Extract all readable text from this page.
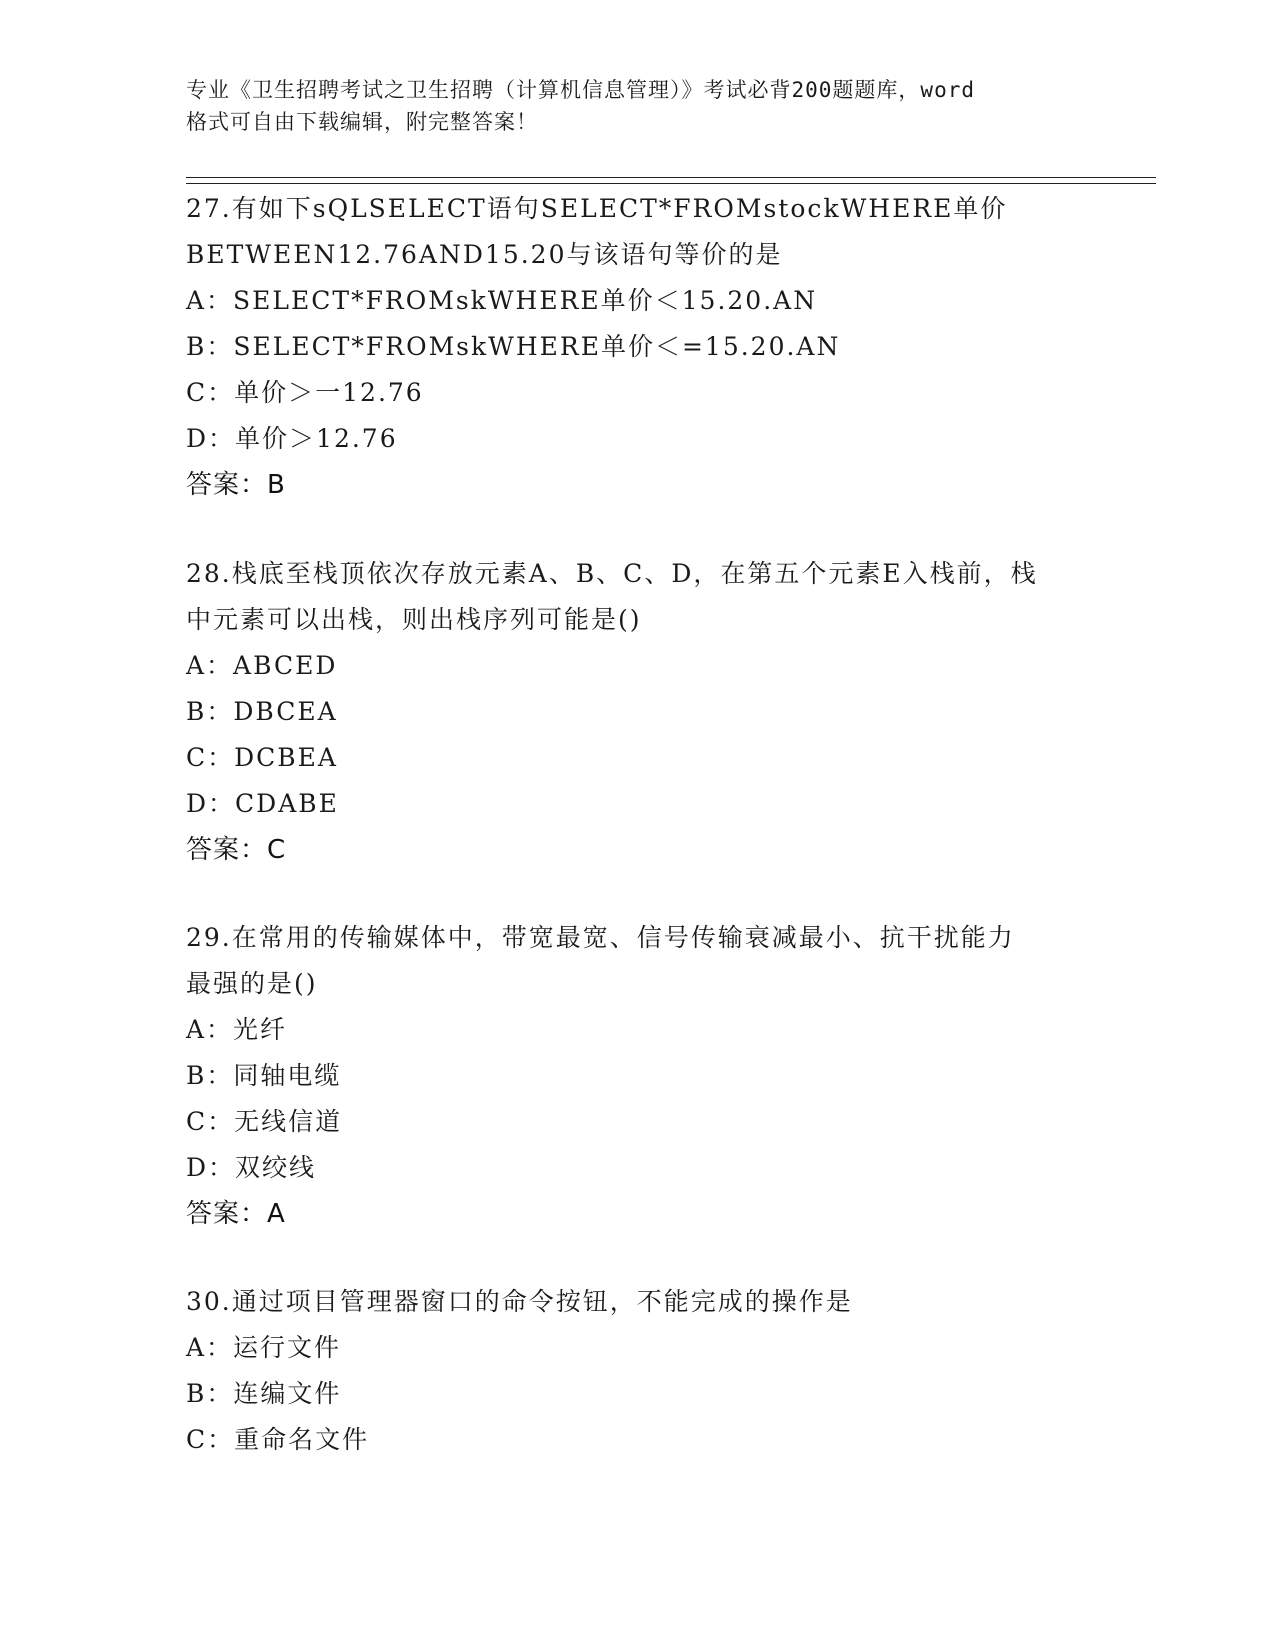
专业《卫生招聘考试之卫生招聘（计算机信息管理）》考试必背200题题库，word
格式可自由下载编辑，附完整答案！
27.有如下sQLSELECT语句SELECT*FROMstockWHERE单价
BETWEEN12.76AND15.20与该语句等价的是
A：SELECT*FROMskWHERE单价＜15.20.AN
B：SELECT*FROMskWHERE单价＜=15.20.AN
C：单价＞一12.76
D：单价＞12.76
答案：B
28.栈底至栈顶依次存放元素A、B、C、D，在第五个元素E入栈前，栈
中元素可以出栈，则出栈序列可能是()
A：ABCED
B：DBCEA
C：DCBEA
D：CDABE
答案：C
29.在常用的传输媒体中，带宽最宽、信号传输衰减最小、抗干扰能力
最强的是()
A：光纤
B：同轴电缆
C：无线信道
D：双绞线
答案：A
30.通过项目管理器窗口的命令按钮，不能完成的操作是
A：运行文件
B：连编文件
C：重命名文件
